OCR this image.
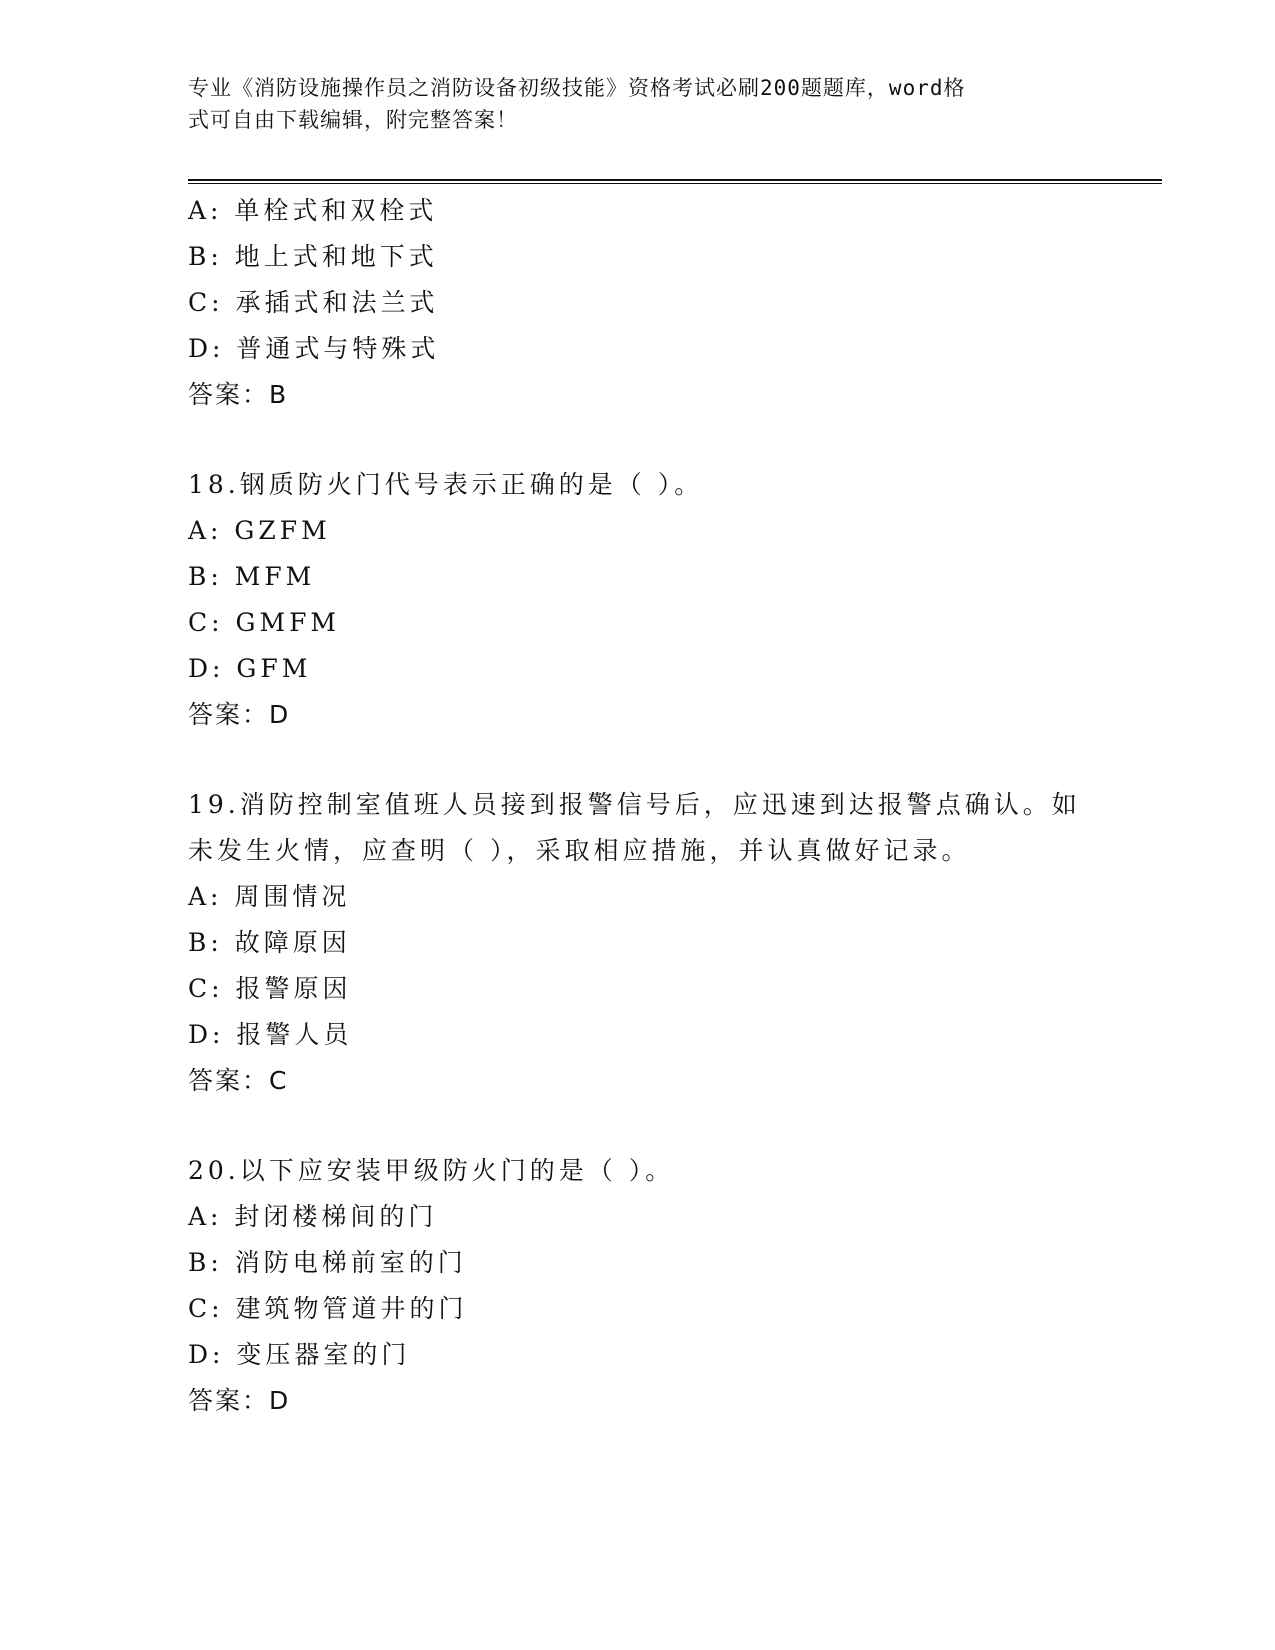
专业《消防设施操作员之消防设备初级技能》资格考试必刷200题题库，word格
式可自由下载编辑，附完整答案！
A: 单栓式和双栓式
B: 地上式和地下式
C: 承插式和法兰式
D: 普通式与特殊式
答案：B
18.钢质防火门代号表示正确的是（ ）。
A: GZFM
B: MFM
C: GMFM
D: GFM
答案：D
19.消防控制室值班人员接到报警信号后，应迅速到达报警点确认。如
未发生火情，应查明（ ），采取相应措施，并认真做好记录。
A: 周围情况
B: 故障原因
C: 报警原因
D: 报警人员
答案：C
20.以下应安装甲级防火门的是（ ）。
A: 封闭楼梯间的门
B: 消防电梯前室的门
C: 建筑物管道井的门
D: 变压器室的门
答案：D
